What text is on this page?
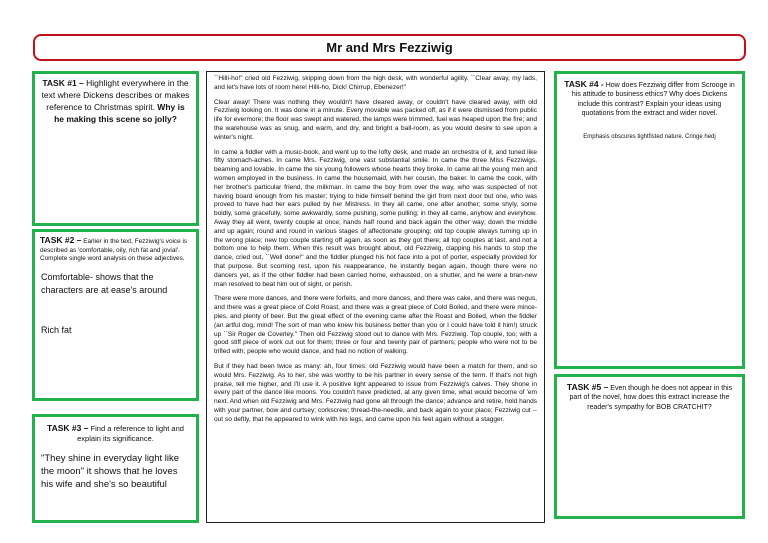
Mr and Mrs Fezziwig
TASK #1 – Highlight everywhere in the text where Dickens describes or makes reference to Christmas spirit. Why is he making this scene so jolly?
TASK #2 – Earlier in the text, Fezziwig's voice is described as 'comfortable, oily, rich fat and jovial'. Complete single word analysis on these adjectives.
Comfortable- shows that the characters are at ease's around
Rich fat
TASK #3 – Find a reference to light and explain its significance.
"They shine in everyday light like the moon" it shows that he loves his wife and she's so beautiful

``Hilli-ho!'' cried old Fezziwig, skipping down from the high desk, with wonderful agility. ``Clear away, my lads, and let's have lots of room here! Hilli-ho, Dick! Chirrup, Ebenezer!''

Clear away! There was nothing they wouldn't have cleared away, or couldn't have cleared away, with old Fezziwig looking on. It was done in a minute. Every movable was packed off, as if it were dismissed from public life for evermore; the floor was swept and watered, the lamps were trimmed, fuel was heaped upon the fire; and the warehouse was as snug, and warm, and dry, and bright a ball-room, as you would desire to see upon a winter's night.

In came a fiddler with a music-book, and went up to the lofty desk, and made an orchestra of it, and tuned like fifty stomach-aches. In came Mrs. Fezziwig, one vast substantial smile. In came the three Miss Fezziwigs, beaming and lovable. In came the six young followers whose hearts they broke. In came all the young men and women employed in the business. In came the housemaid, with her cousin, the baker. In came the cook, with her brother's particular friend, the milkman. In came the boy from over the way, who was suspected of not having board enough from his master; trying to hide himself behind the girl from next door but one, who was proved to have had her ears pulled by her Mistress. In they all came, one after another; some shyly, some boldly, some gracefully, some awkwardly, some pushing, some pulling; in they all came, anyhow and everyhow. Away they all went, twenty couple at once; hands half round and back again the other way; down the middle and up again; round and round in various stages of affectionate grouping; old top couple always turning up in the wrong place; new top couple starting off again, as soon as they got there; all top couples at last, and not a bottom one to help them. When this result was brought about, old Fezziwig, clapping his hands to stop the dance, cried out, ``Well done!'' and the fiddler plunged his hot face into a pot of porter, especially provided for that purpose. But scorning rest, upon his reappearance, he instantly began again, though there were no dancers yet, as if the other fiddler had been carried home, exhausted, on a shutter, and he were a bran-new man resolved to beat him out of sight, or perish.

There were more dances, and there were forfeits, and more dances, and there was cake, and there was negus, and there was a great piece of Cold Roast, and there was a great piece of Cold Boiled, and there were mince-pies, and plenty of beer. But the great effect of the evening came after the Roast and Boiled, when the fiddler (an artful dog, mind! The sort of man who knew his business better than you or I could have told it him!) struck up ``Sir Roger de Coverley.'' Then old Fezziwig stood out to dance with Mrs. Fezziwig. Top couple, too; with a good stiff piece of work cut out for them; three or four and twenty pair of partners; people who were not to be trifled with; people who would dance, and had no notion of walking.

But if they had been twice as many: ah, four times: old Fezziwig would have been a match for them, and so would Mrs. Fezziwig. As to her, she was worthy to be his partner in every sense of the term. If that's not high praise, tell me higher, and I'll use it. A positive light appeared to issue from Fezziwig's calves. They shone in every part of the dance like moons. You couldn't have predicted, at any given time, what would become of 'em next. And when old Fezziwig and Mrs. Fezziwig had gone all through the dance; advance and retire, hold hands with your partner, bow and curtsey; corkscrew; thread-the-needle, and back again to your place; Fezziwig cut -- out so deftly, that he appeared to wink with his legs, and came upon his feet again without a stagger.

TASK #4 - How does Fezziwig differ from Scrooge in his attitude to business ethics? Why does Dickens include this contrast? Explain your ideas using quotations from the extract and wider novel.
Emphasis obscures tightfisted nature. Cringe hedj
TASK #5 – Even though he does not appear in this part of the novel, how does this extract increase the reader's sympathy for BOB CRATCHIT?
